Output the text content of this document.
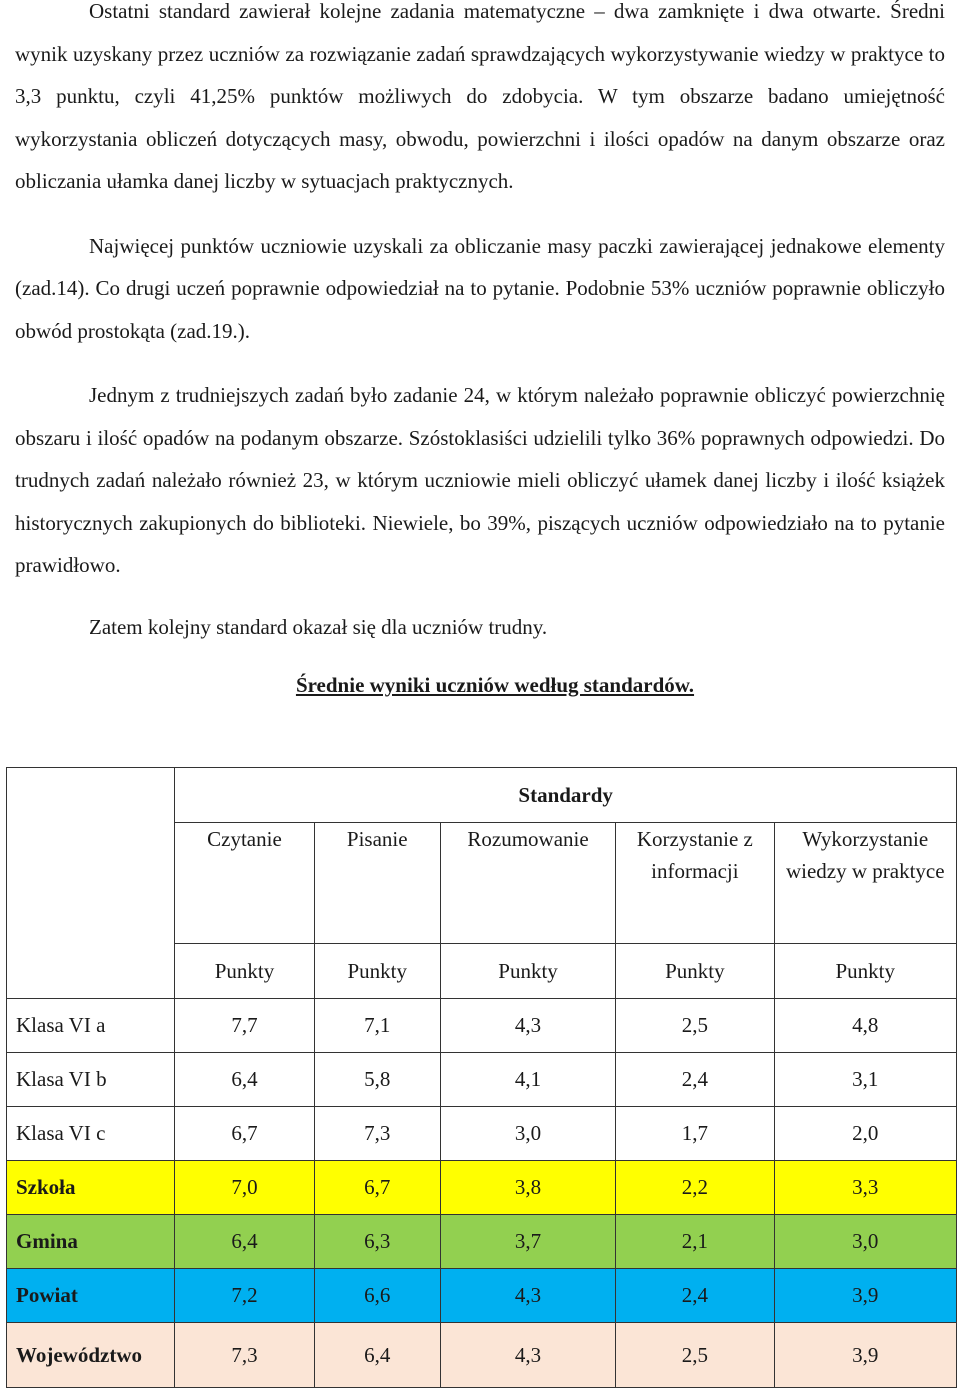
Ostatni standard zawierał kolejne zadania matematyczne – dwa zamknięte i dwa otwarte. Średni wynik uzyskany przez uczniów za rozwiązanie zadań sprawdzających wykorzystywanie wiedzy w praktyce to 3,3 punktu, czyli 41,25% punktów możliwych do zdobycia. W tym obszarze badano umiejętność wykorzystania obliczeń dotyczących masy, obwodu, powierzchni i ilości opadów na danym obszarze oraz obliczania ułamka danej liczby w sytuacjach praktycznych.

Najwięcej punktów uczniowie uzyskali za obliczanie masy paczki zawierającej jednakowe elementy (zad.14). Co drugi uczeń poprawnie odpowiedział na to pytanie. Podobnie 53% uczniów poprawnie obliczyło obwód prostokąta (zad.19.).

Jednym z trudniejszych zadań było zadanie 24, w którym należało poprawnie obliczyć powierzchnię obszaru i ilość opadów na podanym obszarze. Szóstoklasiści udzielili tylko 36% poprawnych odpowiedzi. Do trudnych zadań należało również 23, w którym uczniowie mieli obliczyć ułamek danej liczby i ilość książek historycznych zakupionych do biblioteki. Niewiele, bo 39%, piszących uczniów odpowiedziało na to pytanie prawidłowo.

Zatem kolejny standard okazał się dla uczniów trudny.

Średnie wyniki uczniów według standardów.
	Standardy				
	Czytanie	Pisanie	Rozumowanie	Korzystanie z informacji	Wykorzystanie wiedzy w praktyce
	Punkty	Punkty	Punkty	Punkty	Punkty
Klasa VI a	7,7	7,1	4,3	2,5	4,8
Klasa VI b	6,4	5,8	4,1	2,4	3,1
Klasa VI c	6,7	7,3	3,0	1,7	2,0
Szkoła	7,0	6,7	3,8	2,2	3,3
Gmina	6,4	6,3	3,7	2,1	3,0
Powiat	7,2	6,6	4,3	2,4	3,9
Województwo	7,3	6,4	4,3	2,5	3,9
